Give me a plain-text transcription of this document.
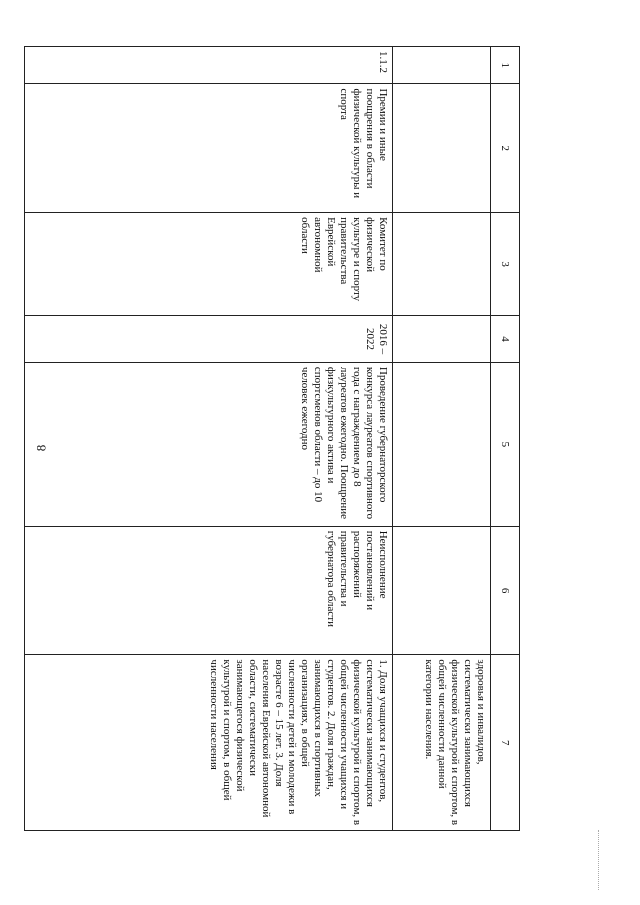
8
1	2	3	4	5	6	7
						здоровья и инвалидов, систематически занимающихся физической культурой и спортом, в общей численности данной категории населения.
1.1.2	Премии и иные поощрения в области физической культуры и спорта	Комитет по физической культуре и спорту правительства Еврейской автономной области	2016 – 2022	Проведение губернаторского конкурса лауреатов спортивного года с награждением до 8 лауреатов ежегодно. Поощрение физкультурного актива и спортсменов области – до 10 человек ежегодно	Неисполнение постановлений и распоряжений правительства и губернатора области	1. Доля учащихся и студентов, систематически занимающихся физической культурой и спортом, в общей численности учащихся и студентов. 2. Доля граждан, занимающихся в спортивных организациях, в общей численности детей и молодежи в возрасте 6 – 15 лет. 3. Доля населения Еврейской автономной области, систематически занимающегося физической культурой и спортом, в общей численности населения
